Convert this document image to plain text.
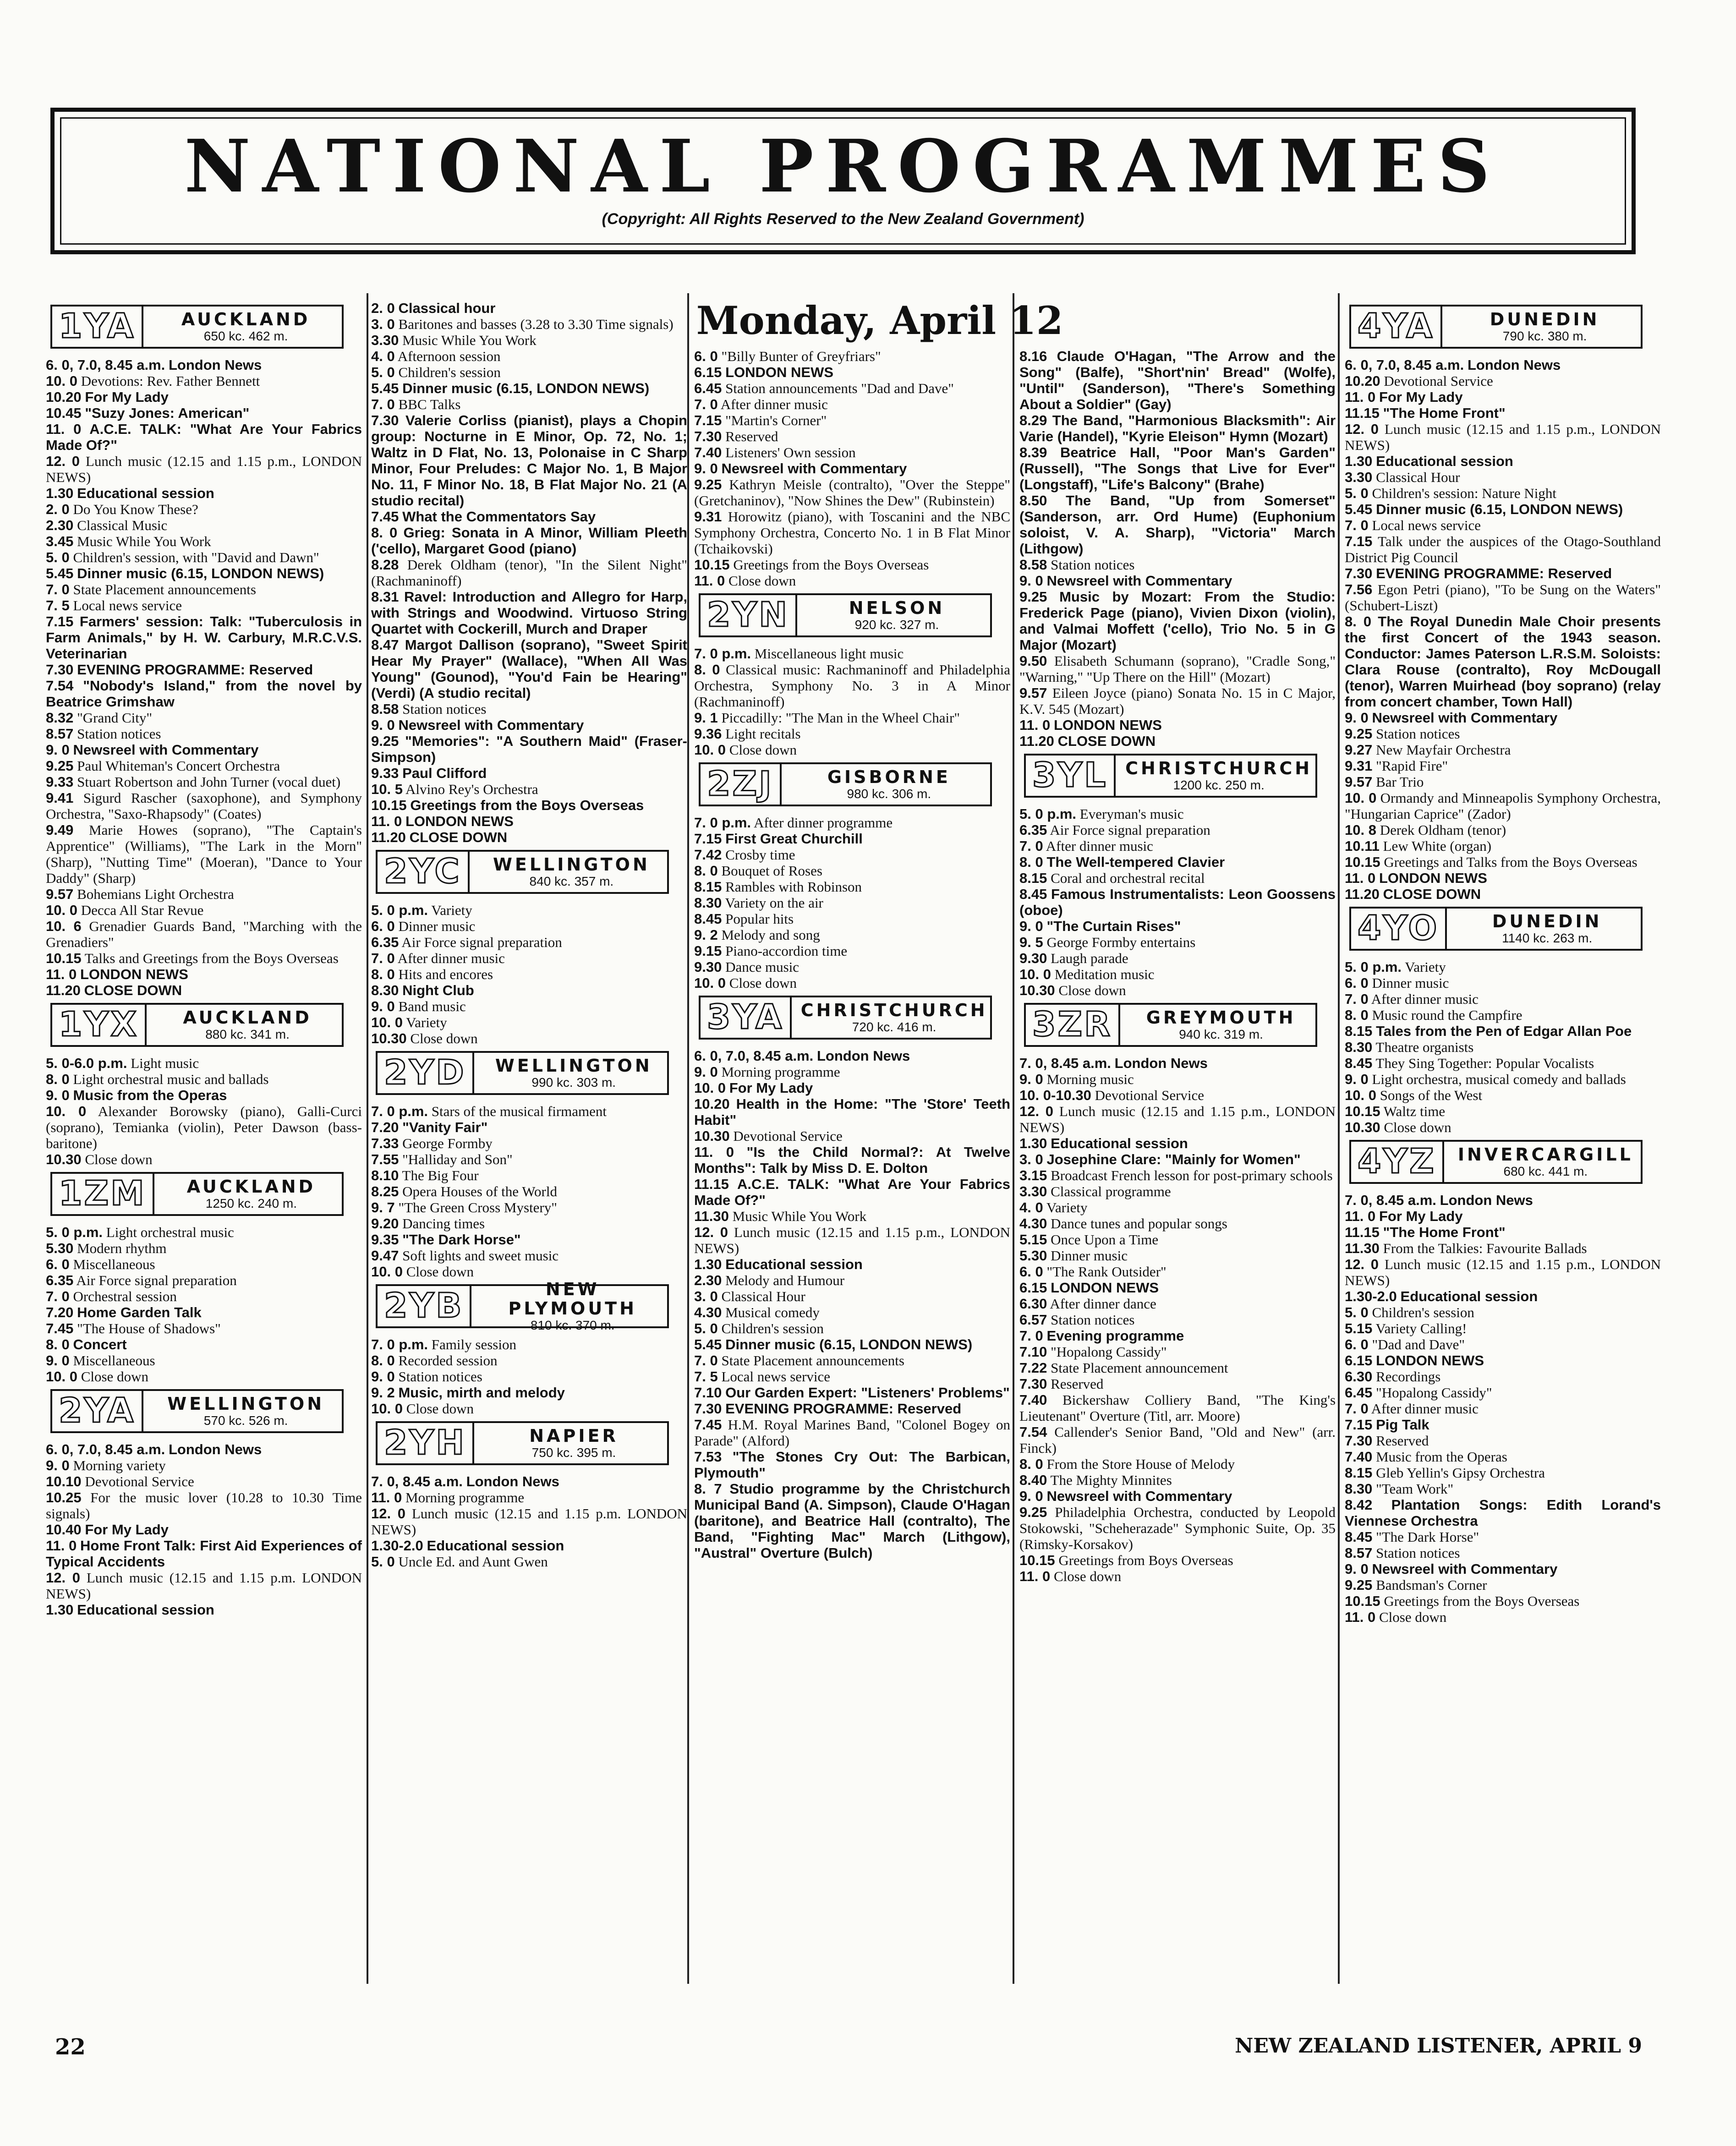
NATIONAL PROGRAMMES
(Copyright: All Rights Reserved to the New Zealand Government)
Monday, April 12
1YA	AUCKLAND
650 kc. 462 m.
6. 0, 7.0, 8.45 a.m. London News
10. 0 Devotions: Rev. Father Bennett
10.20 For My Lady
10.45 "Suzy Jones: American"
11. 0 A.C.E. TALK: "What Are Your Fabrics Made Of?"
12. 0 Lunch music (12.15 and 1.15 p.m., LONDON NEWS)
1.30 Educational session
2. 0 Do You Know These?
2.30 Classical Music
3.45 Music While You Work
5. 0 Children's session, with "David and Dawn"
5.45 Dinner music (6.15, LONDON NEWS)
7. 0 State Placement announcements
7. 5 Local news service
7.15 Farmers' session: Talk: "Tuberculosis in Farm Animals," by H. W. Carbury, M.R.C.V.S. Veterinarian
7.30 EVENING PROGRAMME: Reserved
7.54 "Nobody's Island," from the novel by Beatrice Grimshaw
8.32 "Grand City"
8.57 Station notices
9. 0 Newsreel with Commentary
9.25 Paul Whiteman's Concert Orchestra
9.33 Stuart Robertson and John Turner (vocal duet)
9.41 Sigurd Rascher (saxophone), and Symphony Orchestra, "Saxo-Rhapsody" (Coates)
9.49 Marie Howes (soprano), "The Captain's Apprentice" (Williams), "The Lark in the Morn" (Sharp), "Nutting Time" (Moeran), "Dance to Your Daddy" (Sharp)
9.57 Bohemians Light Orchestra
10. 0 Decca All Star Revue
10. 6 Grenadier Guards Band, "Marching with the Grenadiers"
10.15 Talks and Greetings from the Boys Overseas
11. 0 LONDON NEWS
11.20 CLOSE DOWN
1YX	AUCKLAND
880 kc. 341 m.
5. 0-6.0 p.m. Light music
8. 0 Light orchestral music and ballads
9. 0 Music from the Operas
10. 0 Alexander Borowsky (piano), Galli-Curci (soprano), Temianka (violin), Peter Dawson (bass-baritone)
10.30 Close down
1ZM	AUCKLAND
1250 kc. 240 m.
5. 0 p.m. Light orchestral music
5.30 Modern rhythm
6. 0 Miscellaneous
6.35 Air Force signal preparation
7. 0 Orchestral session
7.20 Home Garden Talk
7.45 "The House of Shadows"
8. 0 Concert
9. 0 Miscellaneous
10. 0 Close down
2YA	WELLINGTON
570 kc. 526 m.
6. 0, 7.0, 8.45 a.m. London News
9. 0 Morning variety
10.10 Devotional Service
10.25 For the music lover (10.28 to 10.30 Time signals)
10.40 For My Lady
11. 0 Home Front Talk: First Aid Experiences of Typical Accidents
12. 0 Lunch music (12.15 and 1.15 p.m. LONDON NEWS)
1.30 Educational session
2. 0 Classical hour
3. 0 Baritones and basses (3.28 to 3.30 Time signals)
3.30 Music While You Work
4. 0 Afternoon session
5. 0 Children's session
5.45 Dinner music (6.15, LONDON NEWS)
7. 0 BBC Talks
7.30 Valerie Corliss (pianist), plays a Chopin group: Nocturne in E Minor, Op. 72, No. 1; Waltz in D Flat, No. 13, Polonaise in C Sharp Minor, Four Preludes: C Major No. 1, B Major No. 11, F Minor No. 18, B Flat Major No. 21 (A studio recital)
7.45 What the Commentators Say
8. 0 Grieg: Sonata in A Minor, William Pleeth ('cello), Margaret Good (piano)
8.28 Derek Oldham (tenor), "In the Silent Night" (Rachmaninoff)
8.31 Ravel: Introduction and Allegro for Harp, with Strings and Woodwind. Virtuoso String Quartet with Cockerill, Murch and Draper
8.47 Margot Dallison (soprano), "Sweet Spirit Hear My Prayer" (Wallace), "When All Was Young" (Gounod), "You'd Fain be Hearing" (Verdi) (A studio recital)
8.58 Station notices
9. 0 Newsreel with Commentary
9.25 "Memories": "A Southern Maid" (Fraser-Simpson)
9.33 Paul Clifford
10. 5 Alvino Rey's Orchestra
10.15 Greetings from the Boys Overseas
11. 0 LONDON NEWS
11.20 CLOSE DOWN
2YC	WELLINGTON
840 kc. 357 m.
5. 0 p.m. Variety
6. 0 Dinner music
6.35 Air Force signal preparation
7. 0 After dinner music
8. 0 Hits and encores
8.30 Night Club
9. 0 Band music
10. 0 Variety
10.30 Close down
2YD	WELLINGTON
990 kc. 303 m.
7. 0 p.m. Stars of the musical firmament
7.20 "Vanity Fair"
7.33 George Formby
7.55 "Halliday and Son"
8.10 The Big Four
8.25 Opera Houses of the World
9. 7 "The Green Cross Mystery"
9.20 Dancing times
9.35 "The Dark Horse"
9.47 Soft lights and sweet music
10. 0 Close down
2YB	NEW PLYMOUTH
810 kc. 370 m.
7. 0 p.m. Family session
8. 0 Recorded session
9. 0 Station notices
9. 2 Music, mirth and melody
10. 0 Close down
2YH	NAPIER
750 kc. 395 m.
7. 0, 8.45 a.m. London News
11. 0 Morning programme
12. 0 Lunch music (12.15 and 1.15 p.m. LONDON NEWS)
1.30-2.0 Educational session
5. 0 Uncle Ed. and Aunt Gwen
6. 0 "Billy Bunter of Greyfriars"
6.15 LONDON NEWS
6.45 Station announcements "Dad and Dave"
7. 0 After dinner music
7.15 "Martin's Corner"
7.30 Reserved
7.40 Listeners' Own session
9. 0 Newsreel with Commentary
9.25 Kathryn Meisle (contralto), "Over the Steppe" (Gretchaninov), "Now Shines the Dew" (Rubinstein)
9.31 Horowitz (piano), with Toscanini and the NBC Symphony Orchestra, Concerto No. 1 in B Flat Minor (Tchaikovski)
10.15 Greetings from the Boys Overseas
11. 0 Close down
2YN	NELSON
920 kc. 327 m.
7. 0 p.m. Miscellaneous light music
8. 0 Classical music: Rachmaninoff and Philadelphia Orchestra, Symphony No. 3 in A Minor (Rachmaninoff)
9. 1 Piccadilly: "The Man in the Wheel Chair"
9.36 Light recitals
10. 0 Close down
2ZJ	GISBORNE
980 kc. 306 m.
7. 0 p.m. After dinner programme
7.15 First Great Churchill
7.42 Crosby time
8. 0 Bouquet of Roses
8.15 Rambles with Robinson
8.30 Variety on the air
8.45 Popular hits
9. 2 Melody and song
9.15 Piano-accordion time
9.30 Dance music
10. 0 Close down
3YA CHRISTCHURCH
720 kc. 416 m.
6. 0, 7.0, 8.45 a.m. London News
9. 0 Morning programme
10. 0 For My Lady
10.20 Health in the Home: "The 'Store' Teeth Habit"
10.30 Devotional Service
11. 0 "Is the Child Normal?: At Twelve Months": Talk by Miss D. E. Dolton
11.15 A.C.E. TALK: "What Are Your Fabrics Made Of?"
11.30 Music While You Work
12. 0 Lunch music (12.15 and 1.15 p.m., LONDON NEWS)
1.30 Educational session
2.30 Melody and Humour
3. 0 Classical Hour
4.30 Musical comedy
5. 0 Children's session
5.45 Dinner music (6.15, LONDON NEWS)
7. 0 State Placement announcements
7. 5 Local news service
7.10 Our Garden Expert: "Listeners' Problems"
7.30 EVENING PROGRAMME: Reserved
7.45 H.M. Royal Marines Band, "Colonel Bogey on Parade" (Alford)
7.53 "The Stones Cry Out: The Barbican, Plymouth"
8. 7 Studio programme by the Christchurch Municipal Band (A. Simpson), Claude O'Hagan (baritone), and Beatrice Hall (contralto), The Band, "Fighting Mac" March (Lithgow), "Austral" Overture (Bulch)
8.16 Claude O'Hagan, "The Arrow and the Song" (Balfe), "Short'nin' Bread" (Wolfe), "Until" (Sanderson), "There's Something About a Soldier" (Gay)
8.29 The Band, "Harmonious Blacksmith": Air Varie (Handel), "Kyrie Eleison" Hymn (Mozart)
8.39 Beatrice Hall, "Poor Man's Garden" (Russell), "The Songs that Live for Ever" (Longstaff), "Life's Balcony" (Brahe)
8.50 The Band, "Up from Somerset" (Sanderson, arr. Ord Hume) (Euphonium soloist, V. A. Sharp), "Victoria" March (Lithgow)
8.58 Station notices
9. 0 Newsreel with Commentary
9.25 Music by Mozart: From the Studio: Frederick Page (piano), Vivien Dixon (violin), and Valmai Moffett ('cello), Trio No. 5 in G Major (Mozart)
9.50 Elisabeth Schumann (soprano), "Cradle Song," "Warning," "Up There on the Hill" (Mozart)
9.57 Eileen Joyce (piano) Sonata No. 15 in C Major, K.V. 545 (Mozart)
11. 0 LONDON NEWS
11.20 CLOSE DOWN
3YL	CHRISTCHURCH
1200 kc. 250 m.
5. 0 p.m. Everyman's music
6.35 Air Force signal preparation
7. 0 After dinner music
8. 0 The Well-tempered Clavier
8.15 Coral and orchestral recital
8.45 Famous Instrumentalists: Leon Goossens (oboe)
9. 0 "The Curtain Rises"
9. 5 George Formby entertains
9.30 Laugh parade
10. 0 Meditation music
10.30 Close down
3ZR	GREYMOUTH
940 kc. 319 m.
7. 0, 8.45 a.m. London News
9. 0 Morning music
10. 0-10.30 Devotional Service
12. 0 Lunch music (12.15 and 1.15 p.m., LONDON NEWS)
1.30 Educational session
3. 0 Josephine Clare: "Mainly for Women"
3.15 Broadcast French lesson for post-primary schools
3.30 Classical programme
4. 0 Variety
4.30 Dance tunes and popular songs
5.15 Once Upon a Time
5.30 Dinner music
6. 0 "The Rank Outsider"
6.15 LONDON NEWS
6.30 After dinner dance
6.57 Station notices
7. 0 Evening programme
7.10 "Hopalong Cassidy"
7.22 State Placement announcement
7.30 Reserved
7.40 Bickershaw Colliery Band, "The King's Lieutenant" Overture (Titl, arr. Moore)
7.54 Callender's Senior Band, "Old and New" (arr. Finck)
8. 0 From the Store House of Melody
8.40 The Mighty Minnites
9. 0 Newsreel with Commentary
9.25 Philadelphia Orchestra, conducted by Leopold Stokowski, "Scheherazade" Symphonic Suite, Op. 35 (Rimsky-Korsakov)
10.15 Greetings from Boys Overseas
11. 0 Close down
4YA	DUNEDIN
790 kc. 380 m.
6. 0, 7.0, 8.45 a.m. London News
10.20 Devotional Service
11. 0 For My Lady
11.15 "The Home Front"
12. 0 Lunch music (12.15 and 1.15 p.m., LONDON NEWS)
1.30 Educational session
3.30 Classical Hour
5. 0 Children's session: Nature Night
5.45 Dinner music (6.15, LONDON NEWS)
7. 0 Local news service
7.15 Talk under the auspices of the Otago-Southland District Pig Council
7.30 EVENING PROGRAMME: Reserved
7.56 Egon Petri (piano), "To be Sung on the Waters" (Schubert-Liszt)
8. 0 The Royal Dunedin Male Choir presents the first Concert of the 1943 season. Conductor: James Paterson L.R.S.M. Soloists: Clara Rouse (contralto), Roy McDougall (tenor), Warren Muirhead (boy soprano) (relay from concert chamber, Town Hall)
9. 0 Newsreel with Commentary
9.25 Station notices
9.27 New Mayfair Orchestra
9.31 "Rapid Fire"
9.57 Bar Trio
10. 0 Ormandy and Minneapolis Symphony Orchestra, "Hungarian Caprice" (Zador)
10. 8 Derek Oldham (tenor)
10.11 Lew White (organ)
10.15 Greetings and Talks from the Boys Overseas
11. 0 LONDON NEWS
11.20 CLOSE DOWN
4YO	DUNEDIN
1140 kc. 263 m.
5. 0 p.m. Variety
6. 0 Dinner music
7. 0 After dinner music
8. 0 Music round the Campfire
8.15 Tales from the Pen of Edgar Allan Poe
8.30 Theatre organists
8.45 They Sing Together: Popular Vocalists
9. 0 Light orchestra, musical comedy and ballads
10. 0 Songs of the West
10.15 Waltz time
10.30 Close down
4YZ	INVERCARGILL
680 kc. 441 m.
7. 0, 8.45 a.m. London News
11. 0 For My Lady
11.15 "The Home Front"
11.30 From the Talkies: Favourite Ballads
12. 0 Lunch music (12.15 and 1.15 p.m., LONDON NEWS)
1.30-2.0 Educational session
5. 0 Children's session
5.15 Variety Calling!
6. 0 "Dad and Dave"
6.15 LONDON NEWS
6.30 Recordings
6.45 "Hopalong Cassidy"
7. 0 After dinner music
7.15 Pig Talk
7.30 Reserved
7.40 Music from the Operas
8.15 Gleb Yellin's Gipsy Orchestra
8.30 "Team Work"
8.42 Plantation Songs: Edith Lorand's Viennese Orchestra
8.45 "The Dark Horse"
8.57 Station notices
9. 0 Newsreel with Commentary
9.25 Bandsman's Corner
10.15 Greetings from the Boys Overseas
11. 0 Close down
22	NEW ZEALAND LISTENER, APRIL 9
